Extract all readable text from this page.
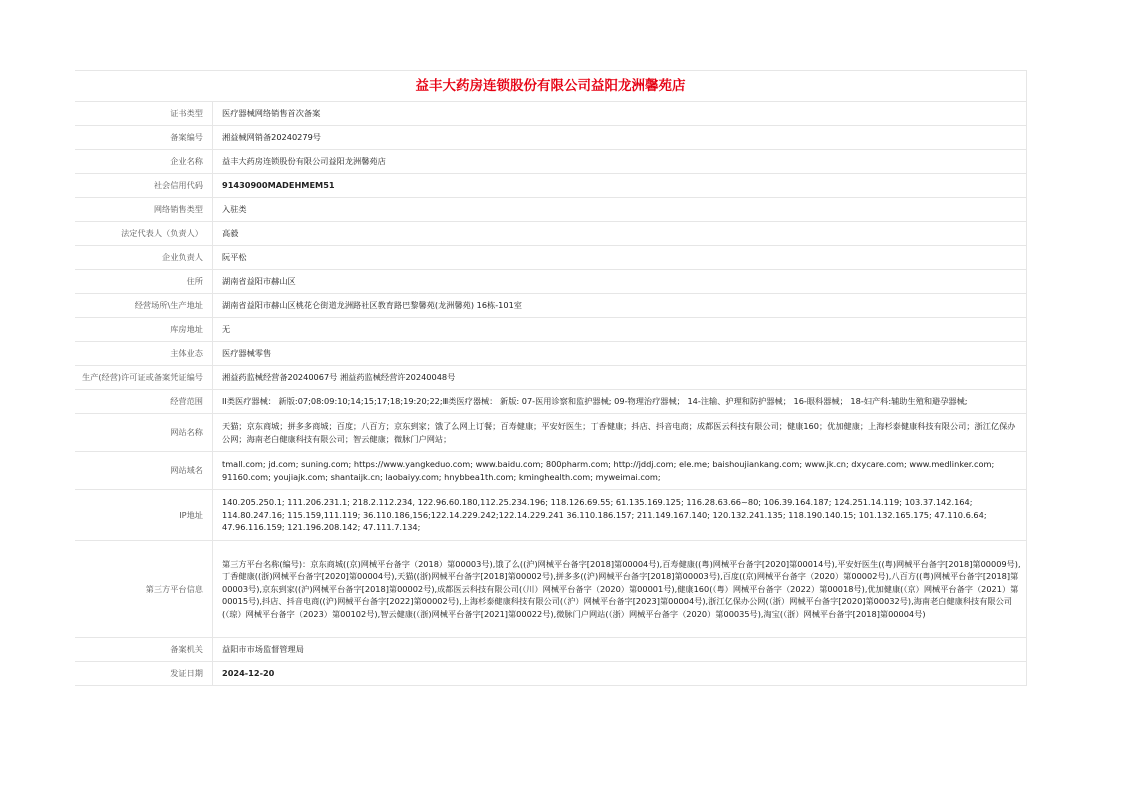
益丰大药房连锁股份有限公司益阳龙洲馨苑店
证书类型	医疗器械网络销售首次备案
备案编号	湘益械网销备20240279号
企业名称	益丰大药房连锁股份有限公司益阳龙洲馨苑店
社会信用代码	91430900MADEHMEM51
网络销售类型	入驻类
法定代表人（负责人）	高毅
企业负责人	阮平松
住所	湖南省益阳市赫山区
经营场所\生产地址	湖南省益阳市赫山区桃花仑街道龙洲路社区教育路巴黎馨苑(龙洲馨苑) 16栋-101室
库房地址	无
主体业态	医疗器械零售
生产(经营)许可证或备案凭证编号	湘益药监械经营备20240067号 湘益药监械经营许20240048号
经营范围	II类医疗器械： 新版:07;08:09:10;14;15;17;18;19:20;22;Ⅲ类医疗器械： 新版: 07-医用诊察和监护器械; 09-物理治疗器械； 14-注输、护理和防护器械； 16-眼科器械； 18-妇产科:辅助生殖和避孕器械;
网站名称	天猫；京东商城；拼多多商城；百度；八百方；京东到家；饿了么网上订餐；百寿健康；平安好医生；丁香健康；抖店、抖音电商；成都医云科技有限公司；健康160；优加健康；上海杉泰健康科技有限公司；浙江亿保办公网；海南老白健康科技有限公司；智云健康；微脉门户网站；
网站域名	tmall.com; jd.com; suning.com; https://www.yangkeduo.com; www.baidu.com; 800pharm.com; http://jddj.com; ele.me; baishoujiankang.com; www.jk.cn; dxycare.com; www.medlinker.com; 91160.com; youjiajk.com; shantaijk.cn; laobaiyy.com; hnybbea1th.com; kminghealth.com; myweimai.com;
IP地址	140.205.250.1; 111.206.231.1; 218.2.112.234, 122.96.60.180,112.25.234.196; 118.126.69.55; 61.135.169.125; 116.28.63.66~80; 106.39.164.187; 124.251.14.119; 103.37.142.164; 114.80.247.16; 115.159,111.119; 36.110.186,156;122.14.229.242;122.14.229.241 36.110.186.157; 211.149.167.140; 120.132.241.135; 118.190.140.15; 101.132.165.175; 47.110.6.64; 47.96.116.159; 121.196.208.142; 47.111.7.134;
第三方平台信息	第三方平台名称(编号)：京东商城((京)网械平台备字（2018）第00003号),饿了么((沪)网械平台备字[2018]第00004号),百寿健康((粤)网械平台备字[2020]第00014号),平安好医生((粤)网械平台备字[2018]第00009号),丁香健康((浙)网械平台备字[2020]第00004号),天猫((浙)网械平台备字[2018]第00002号),拼多多((沪)网械平台备字[2018]第00003号),百度((京)网械平台备字（2020）第00002号),八百方((粤)网械平台备字[2018]第00003号),京东到家((沪)网械平台备字[2018]第00002号),成都医云科技有限公司(（川）网械平台备字（2020）第00001号),健康160(（粤）网械平台备字（2022）第00018号),优加健康(（京）网械平台备字（2021）第00015号),抖店、抖音电商((沪)网械平台备字[2022]第00002号),上海杉泰健康科技有限公司(（沪）网械平台备字[2023]第00004号),浙江亿保办公网(（浙）网械平台备字[2020]第00032号),海南老白健康科技有限公司(（琼）网械平台备字（2023）第00102号),智云健康(（浙)网械平台备字[2021]第00022号),微脉门户网站(（浙）网械平台备字（2020）第00035号),淘宝(（浙）网械平台备字[2018]第00004号)
备案机关	益阳市市场监督管理局
发证日期	2024-12-20
